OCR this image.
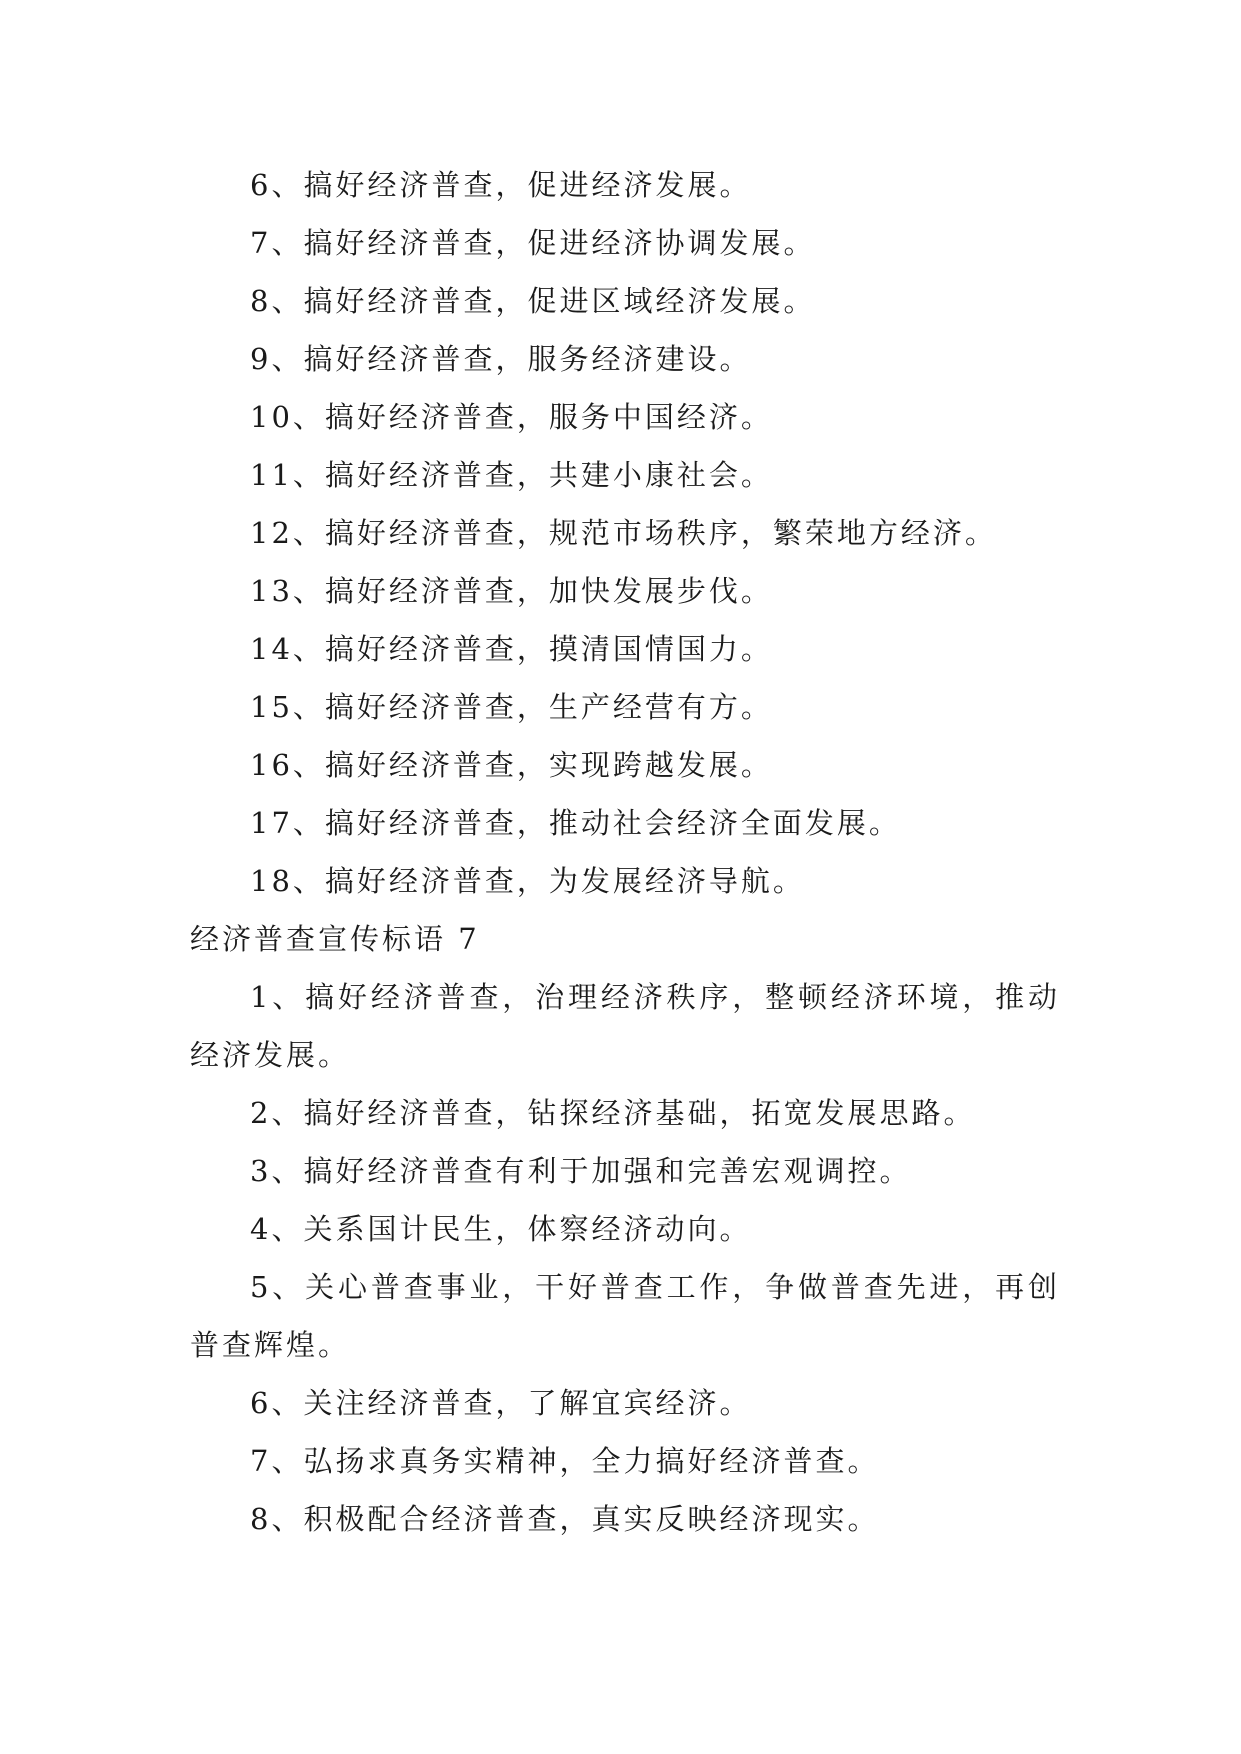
6、搞好经济普查，促进经济发展。
7、搞好经济普查，促进经济协调发展。
8、搞好经济普查，促进区域经济发展。
9、搞好经济普查，服务经济建设。
10、搞好经济普查，服务中国经济。
11、搞好经济普查，共建小康社会。
12、搞好经济普查，规范市场秩序，繁荣地方经济。
13、搞好经济普查，加快发展步伐。
14、搞好经济普查，摸清国情国力。
15、搞好经济普查，生产经营有方。
16、搞好经济普查，实现跨越发展。
17、搞好经济普查，推动社会经济全面发展。
18、搞好经济普查，为发展经济导航。
经济普查宣传标语 7

1、搞好经济普查，治理经济秩序，整顿经济环境，推动经济发展。

2、搞好经济普查，钻探经济基础，拓宽发展思路。
3、搞好经济普查有利于加强和完善宏观调控。
4、关系国计民生，体察经济动向。

5、关心普查事业，干好普查工作，争做普查先进，再创普查辉煌。

6、关注经济普查，了解宜宾经济。
7、弘扬求真务实精神，全力搞好经济普查。
8、积极配合经济普查，真实反映经济现实。
